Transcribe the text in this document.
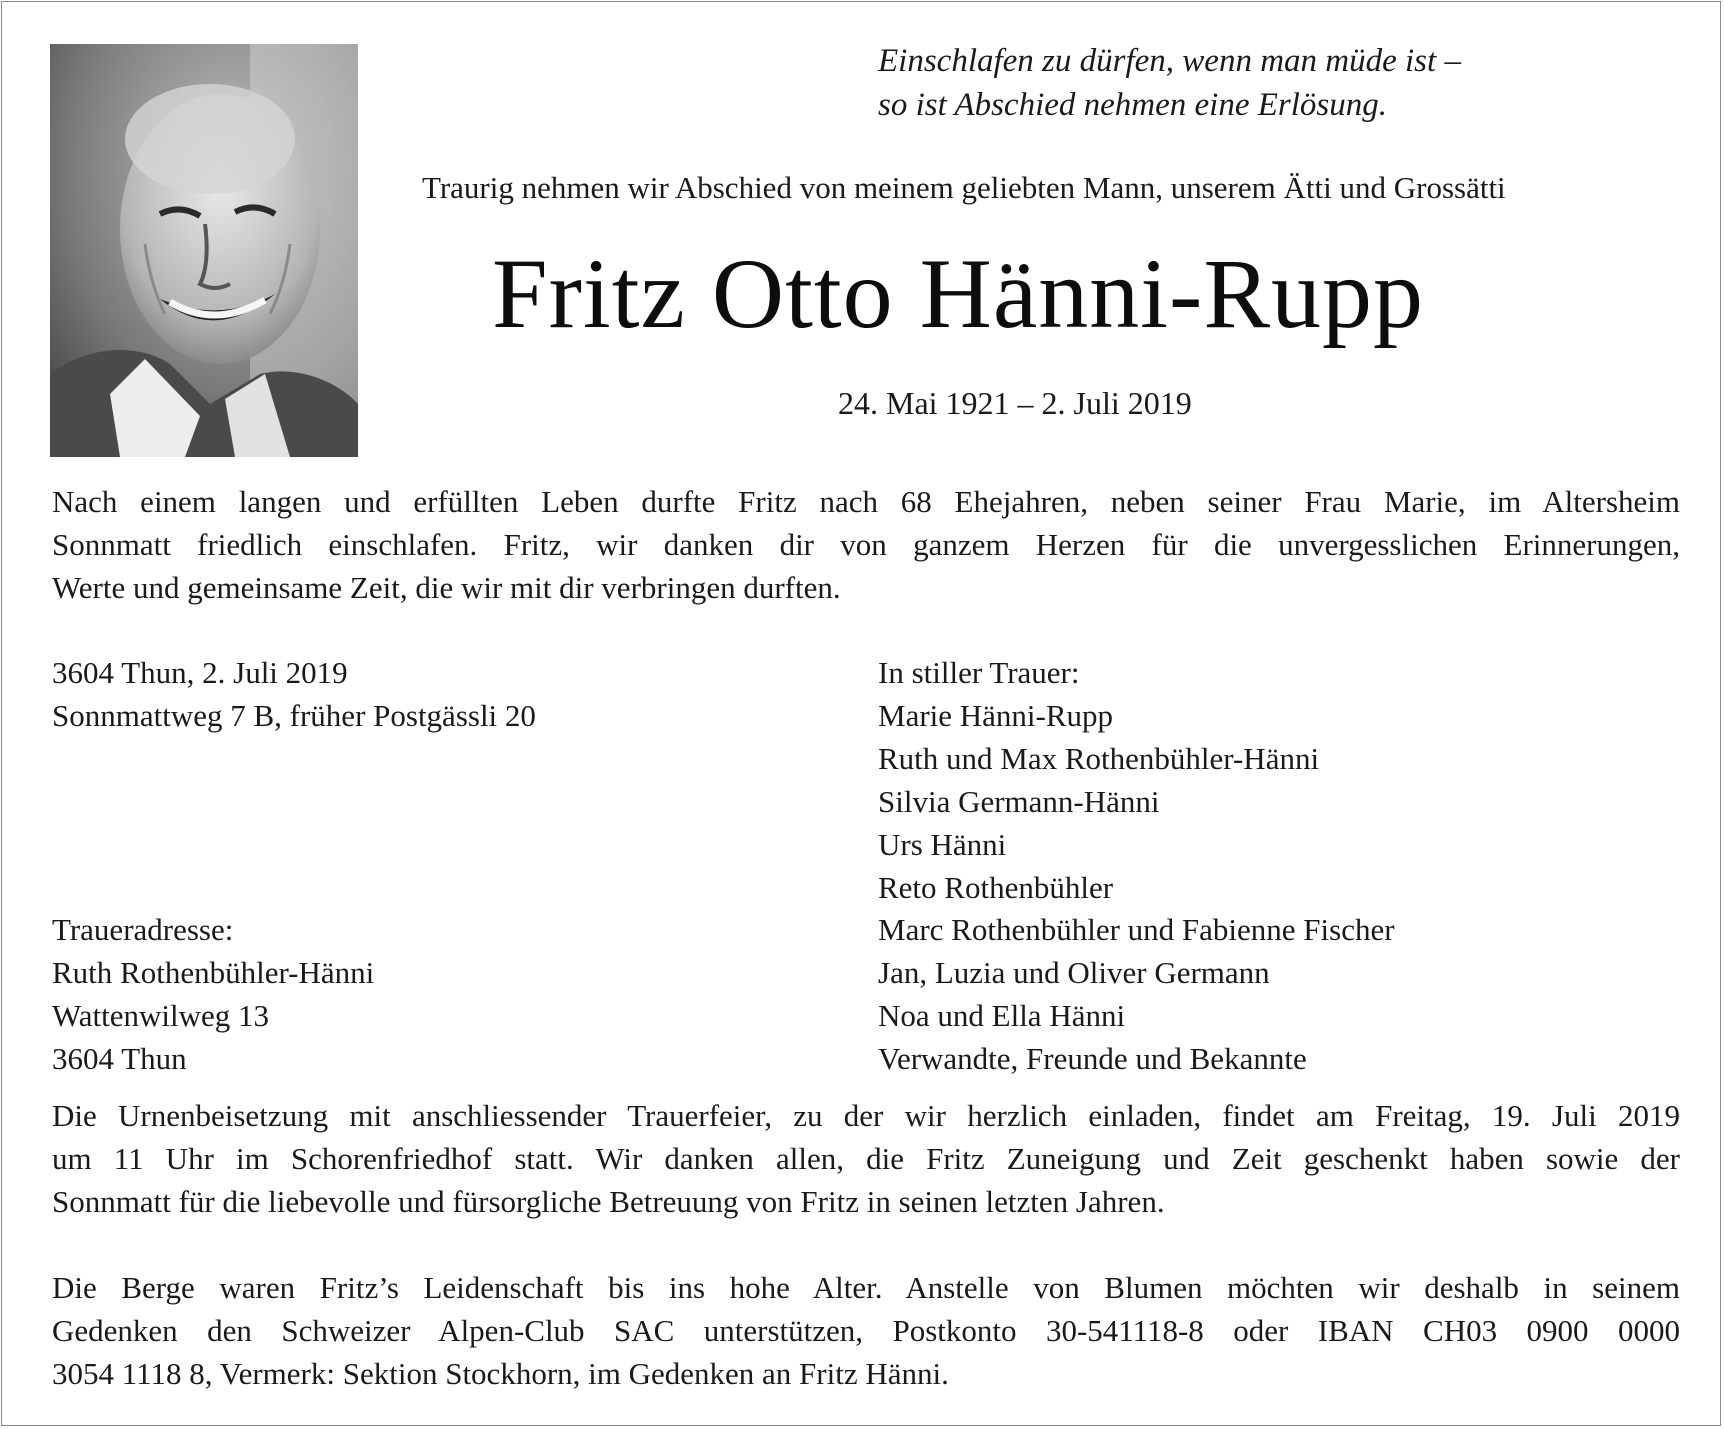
Einschlafen zu dürfen, wenn man müde ist –
so ist Abschied nehmen eine Erlösung.
Traurig nehmen wir Abschied von meinem geliebten Mann, unserem Ätti und Grossätti
Fritz Otto Hänni-Rupp
24. Mai 1921 – 2. Juli 2019
Nach einem langen und erfüllten Leben durfte Fritz nach 68 Ehejahren, neben seiner Frau Marie, im Altersheim
Sonnmatt friedlich einschlafen. Fritz, wir danken dir von ganzem Herzen für die unvergesslichen Erinnerungen,
Werte und gemeinsame Zeit, die wir mit dir verbringen durften.
3604 Thun, 2. Juli 2019
Sonnmattweg 7 B, früher Postgässli 20
In stiller Trauer:
Marie Hänni-Rupp
Ruth und Max Rothenbühler-Hänni
Silvia Germann-Hänni
Urs Hänni
Reto Rothenbühler
Marc Rothenbühler und Fabienne Fischer
Jan, Luzia und Oliver Germann
Noa und Ella Hänni
Verwandte, Freunde und Bekannte
Traueradresse:
Ruth Rothenbühler-Hänni
Wattenwilweg 13
3604 Thun
Die Urnenbeisetzung mit anschliessender Trauerfeier, zu der wir herzlich einladen, findet am Freitag, 19. Juli 2019
um 11 Uhr im Schorenfriedhof statt. Wir danken allen, die Fritz Zuneigung und Zeit geschenkt haben sowie der
Sonnmatt für die liebevolle und fürsorgliche Betreuung von Fritz in seinen letzten Jahren.
Die Berge waren Fritz’s Leidenschaft bis ins hohe Alter. Anstelle von Blumen möchten wir deshalb in seinem
Gedenken den Schweizer Alpen-Club SAC unterstützen, Postkonto 30-541118-8 oder IBAN CH03 0900 0000
3054 1118 8, Vermerk: Sektion Stockhorn, im Gedenken an Fritz Hänni.
